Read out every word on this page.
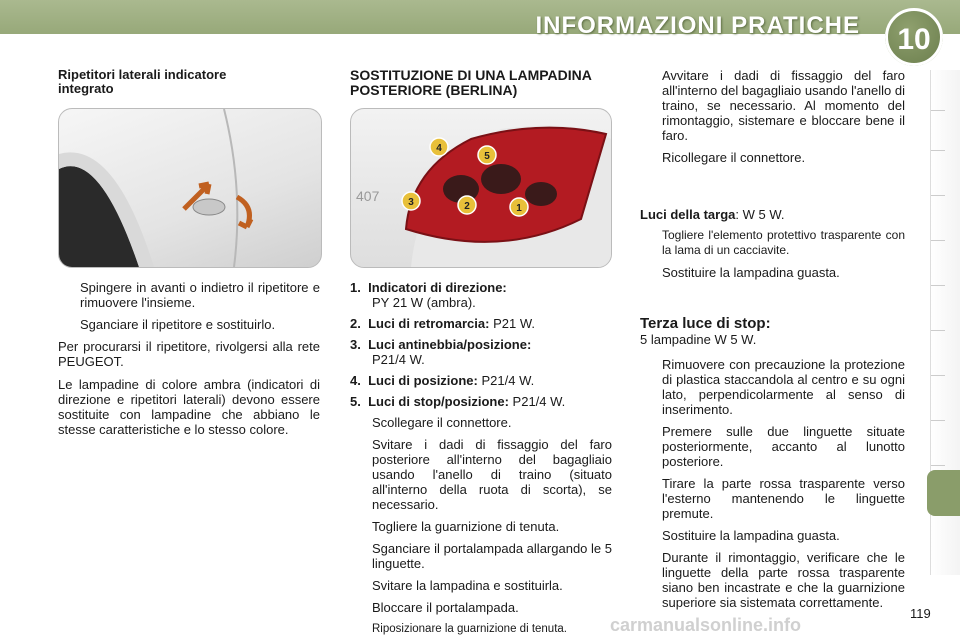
INFORMAZIONI PRATICHE	10
Ripetitori laterali indicatore integrato
Spingere in avanti o indietro il ripetitore e rimuovere l'insieme.
Sganciare il ripetitore e sostituirlo.

Per procurarsi il ripetitore, rivolgersi alla rete PEUGEOT.

Le lampadine di colore ambra (indicatori di direzione e ripetitori laterali) devono essere sostituite con lampadine che abbiano le stesse caratteristiche e lo stesso colore.

SOSTITUZIONE DI UNA LAMPADINA POSTERIORE (BERLINA)
407
4
5
3	2	1
1. Indicatori di direzione:
PY 21 W (ambra).
2. Luci di retromarcia: P21 W.
3. Luci antinebbia/posizione:
P21/4 W.
4. Luci di posizione: P21/4 W.
5. Luci di stop/posizione: P21/4 W.
Scollegare il connettore.
Svitare i dadi di fissaggio del faro posteriore all'interno del bagagliaio usando l'anello di traino (situato all'interno della ruota di scorta), se necessario.
Togliere la guarnizione di tenuta.
Sganciare il portalampada allargando le 5 linguette.
Svitare la lampadina e sostituirla.
Bloccare il portalampada.
Riposizionare la guarnizione di tenuta.
Avvitare i dadi di fissaggio del faro all'interno del bagagliaio usando l'anello di traino, se necessario. Al momento del rimontaggio, sistemare e bloccare bene il faro.
Ricollegare il connettore.

Luci della targa: W 5 W.

Togliere l'elemento protettivo trasparente con la lama di un cacciavite.
Sostituire la lampadina guasta.
Terza luce di stop:
5 lampadine W 5 W.
Rimuovere con precauzione la protezione di plastica staccandola al centro e su ogni lato, perpendicolarmente al senso di inserimento.
Premere sulle due linguette situate posteriormente, accanto al lunotto posteriore.
Tirare la parte rossa trasparente verso l'esterno mantenendo le linguette premute.
Sostituire la lampadina guasta.
Durante il rimontaggio, verificare che le linguette della parte rossa trasparente siano ben incastrate e che la guarnizione superiore sia sistemata correttamente.
carmanualsonline.info
119
